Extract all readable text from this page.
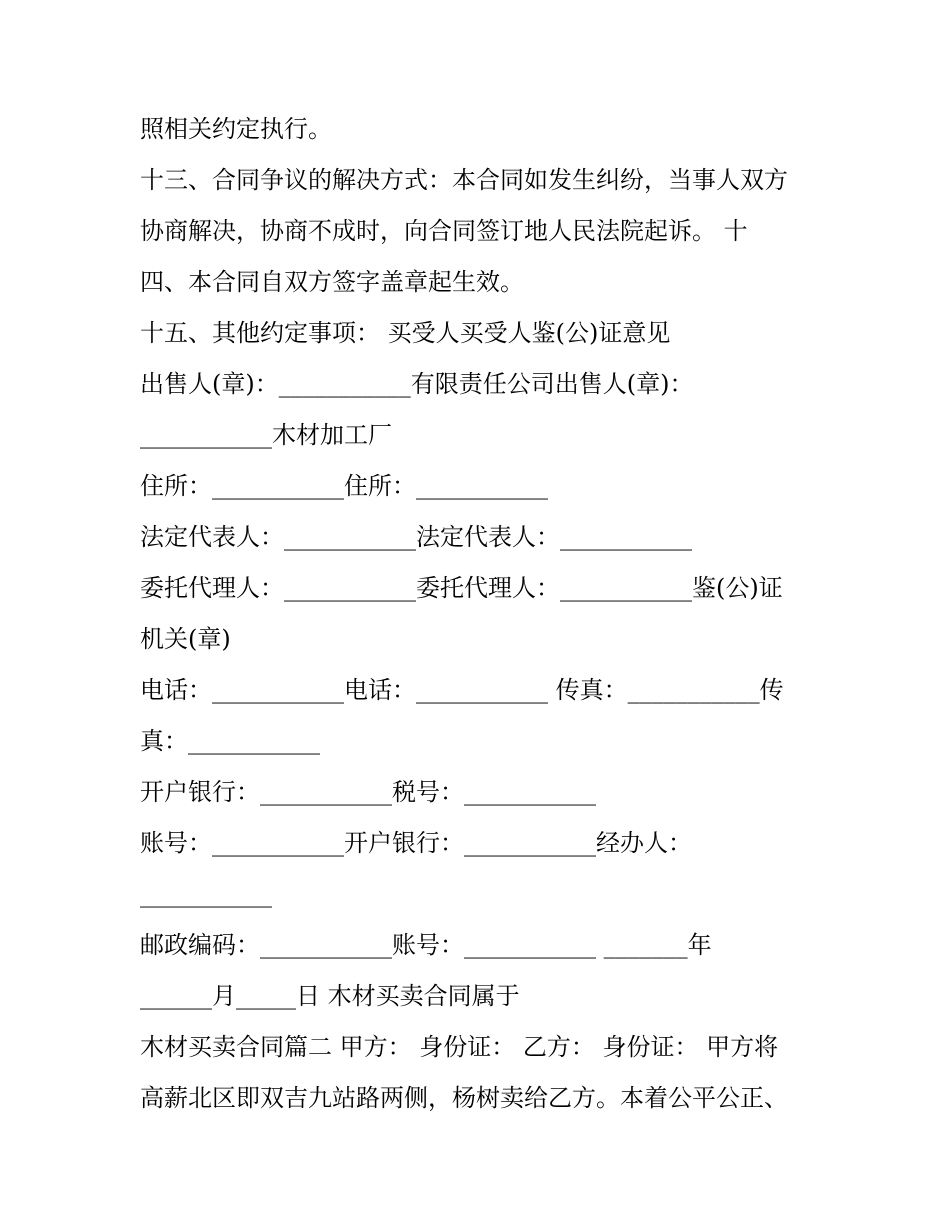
照相关约定执行。
十三、合同争议的解决方式：本合同如发生纠纷，当事人双方
协商解决，协商不成时，向合同签订地人民法院起诉。 十
四、本合同自双方签字盖章起生效。
十五、其他约定事项： 买受人买受人鉴(公)证意见
出售人(章)：___________有限责任公司出售人(章)：
___________木材加工厂
住所：___________住所：___________
法定代表人：___________法定代表人：___________
委托代理人：___________委托代理人：___________鉴(公)证
机关(章)
电话：___________电话：___________ 传真：___________传
真：___________
开户银行：___________税号：___________
账号：___________开户银行：___________经办人：
___________
邮政编码：___________账号：___________ _______年
______月_____日 木材买卖合同属于
木材买卖合同篇二 甲方： 身份证： 乙方： 身份证： 甲方将
高薪北区即双吉九站路两侧，杨树卖给乙方。本着公平公正、
